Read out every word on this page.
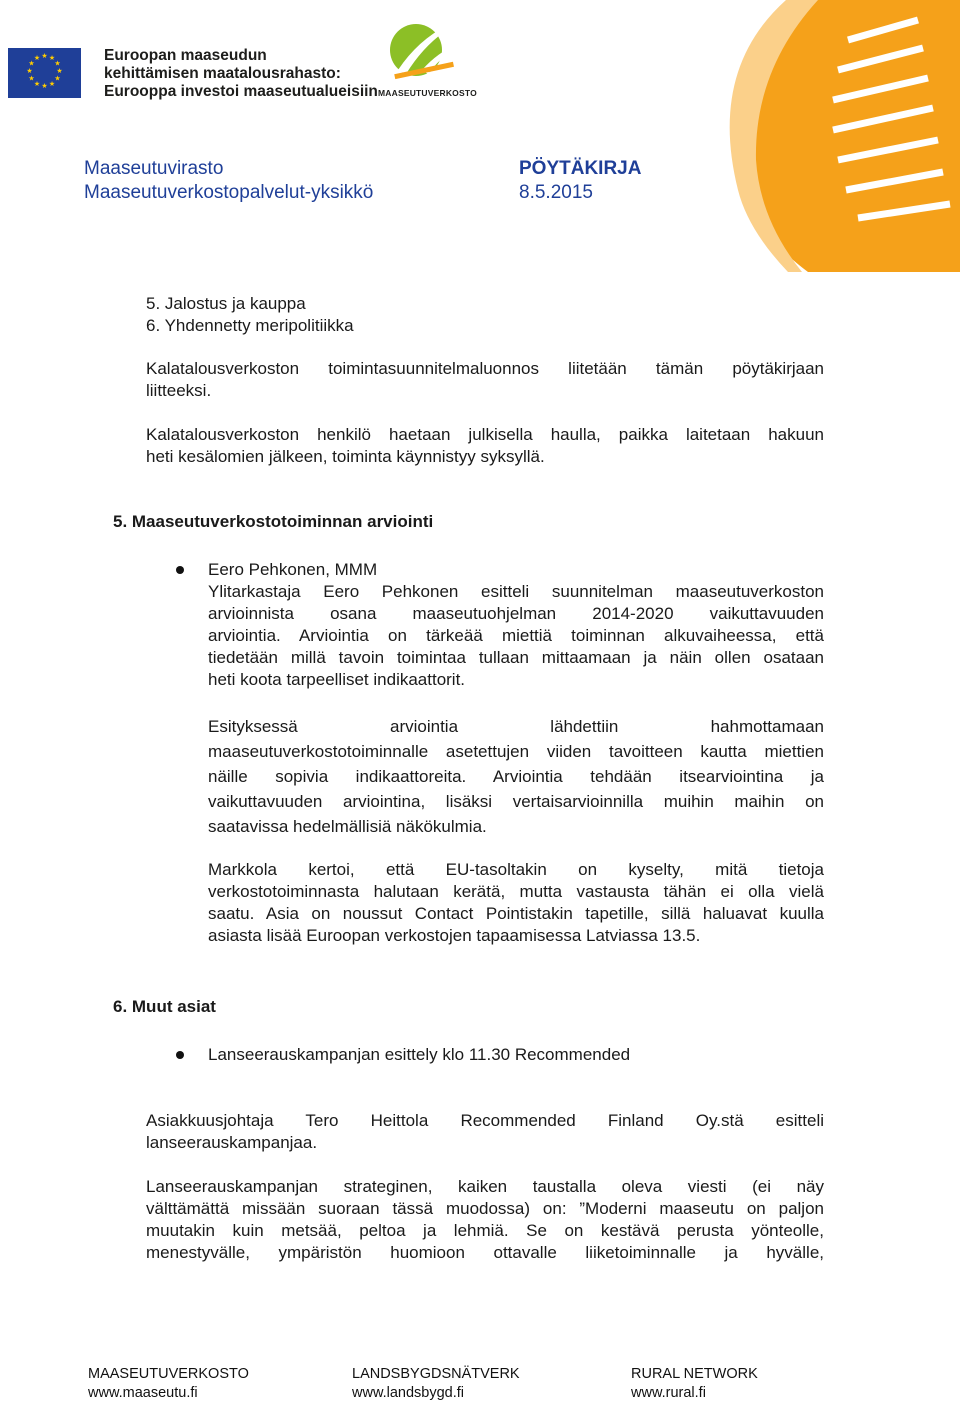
★ ★
★
★
★
★
★
★
★
★
★
★	Euroopan maaseudun
kehittämisen maatalousrahasto:
Eurooppa investoi maaseutualueisiin MAASEUTUVERKOSTO
Maaseutuvirasto
Maaseutuverkostopalvelut-yksikkö
PÖYTÄKIRJA
8.5.2015
5. Jalostus ja kauppa
6. Yhdennetty meripolitiikka
Kalatalousverkoston toimintasuunnitelmaluonnos liitetään tämän pöytäkirjaan
liitteeksi.
Kalatalousverkoston henkilö haetaan julkisella haulla, paikka laitetaan hakuun
heti kesälomien jälkeen, toiminta käynnistyy syksyllä.
5. Maaseutuverkostotoiminnan arviointi
Eero Pehkonen, MMM
Ylitarkastaja Eero Pehkonen esitteli suunnitelman maaseutuverkoston
arvioinnista osana maaseutuohjelman 2014-2020 vaikuttavuuden
arviointia. Arviointia on tärkeää miettiä toiminnan alkuvaiheessa, että
tiedetään millä tavoin toimintaa tullaan mittaamaan ja näin ollen osataan
heti koota tarpeelliset indikaattorit.
Esityksessä arviointia lähdettiin hahmottamaan
maaseutuverkostotoiminnalle asetettujen viiden tavoitteen kautta miettien
näille sopivia indikaattoreita. Arviointia tehdään itsearviointina ja
vaikuttavuuden arviointina, lisäksi vertaisarvioinnilla muihin maihin on
saatavissa hedelmällisiä näkökulmia.
Markkola kertoi, että EU-tasoltakin on kyselty, mitä tietoja
verkostotoiminnasta halutaan kerätä, mutta vastausta tähän ei olla vielä
saatu. Asia on noussut Contact Pointistakin tapetille, sillä haluavat kuulla
asiasta lisää Euroopan verkostojen tapaamisessa Latviassa 13.5.
6. Muut asiat
Lanseerauskampanjan esittely klo 11.30 Recommended
Asiakkuusjohtaja Tero Heittola Recommended Finland Oy.stä esitteli
lanseerauskampanjaa.
Lanseerauskampanjan strateginen, kaiken taustalla oleva viesti (ei näy
välttämättä missään suoraan tässä muodossa) on: ”Moderni maaseutu on paljon
muutakin kuin metsää, peltoa ja lehmiä. Se on kestävä perusta yönteolle,
menestyvälle, ympäristön huomioon ottavalle liiketoiminnalle ja hyvälle,
MAASEUTUVERKOSTO
www.maaseutu.fi
LANDSBYGDSNÄTVERK
www.landsbygd.fi
RURAL NETWORK
www.rural.fi
